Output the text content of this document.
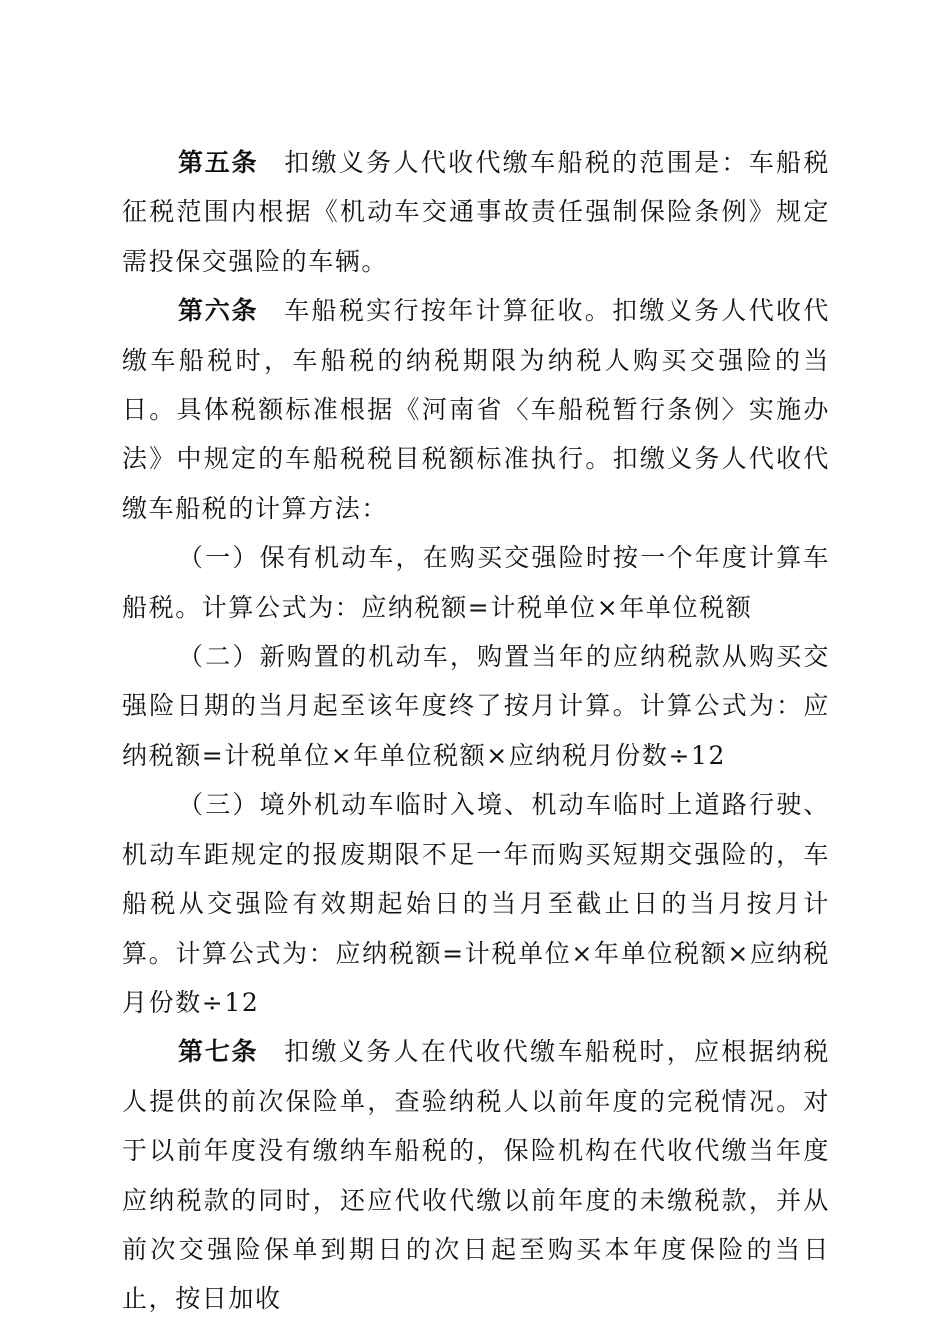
第五条 扣缴义务人代收代缴车船税的范围是：车船税征税范围内根据《机动车交通事故责任强制保险条例》规定需投保交强险的车辆。

第六条 车船税实行按年计算征收。扣缴义务人代收代缴车船税时，车船税的纳税期限为纳税人购买交强险的当日。具体税额标准根据《河南省〈车船税暂行条例〉实施办法》中规定的车船税税目税额标准执行。扣缴义务人代收代缴车船税的计算方法：

（一）保有机动车，在购买交强险时按一个年度计算车船税。计算公式为：应纳税额=计税单位×年单位税额

（二）新购置的机动车，购置当年的应纳税款从购买交强险日期的当月起至该年度终了按月计算。计算公式为：应纳税额=计税单位×年单位税额×应纳税月份数÷12

（三）境外机动车临时入境、机动车临时上道路行驶、机动车距规定的报废期限不足一年而购买短期交强险的，车船税从交强险有效期起始日的当月至截止日的当月按月计算。计算公式为：应纳税额=计税单位×年单位税额×应纳税月份数÷12

第七条 扣缴义务人在代收代缴车船税时，应根据纳税人提供的前次保险单，查验纳税人以前年度的完税情况。对于以前年度没有缴纳车船税的，保险机构在代收代缴当年度应纳税款的同时，还应代收代缴以前年度的未缴税款，并从前次交强险保单到期日的次日起至购买本年度保险的当日止，按日加收
